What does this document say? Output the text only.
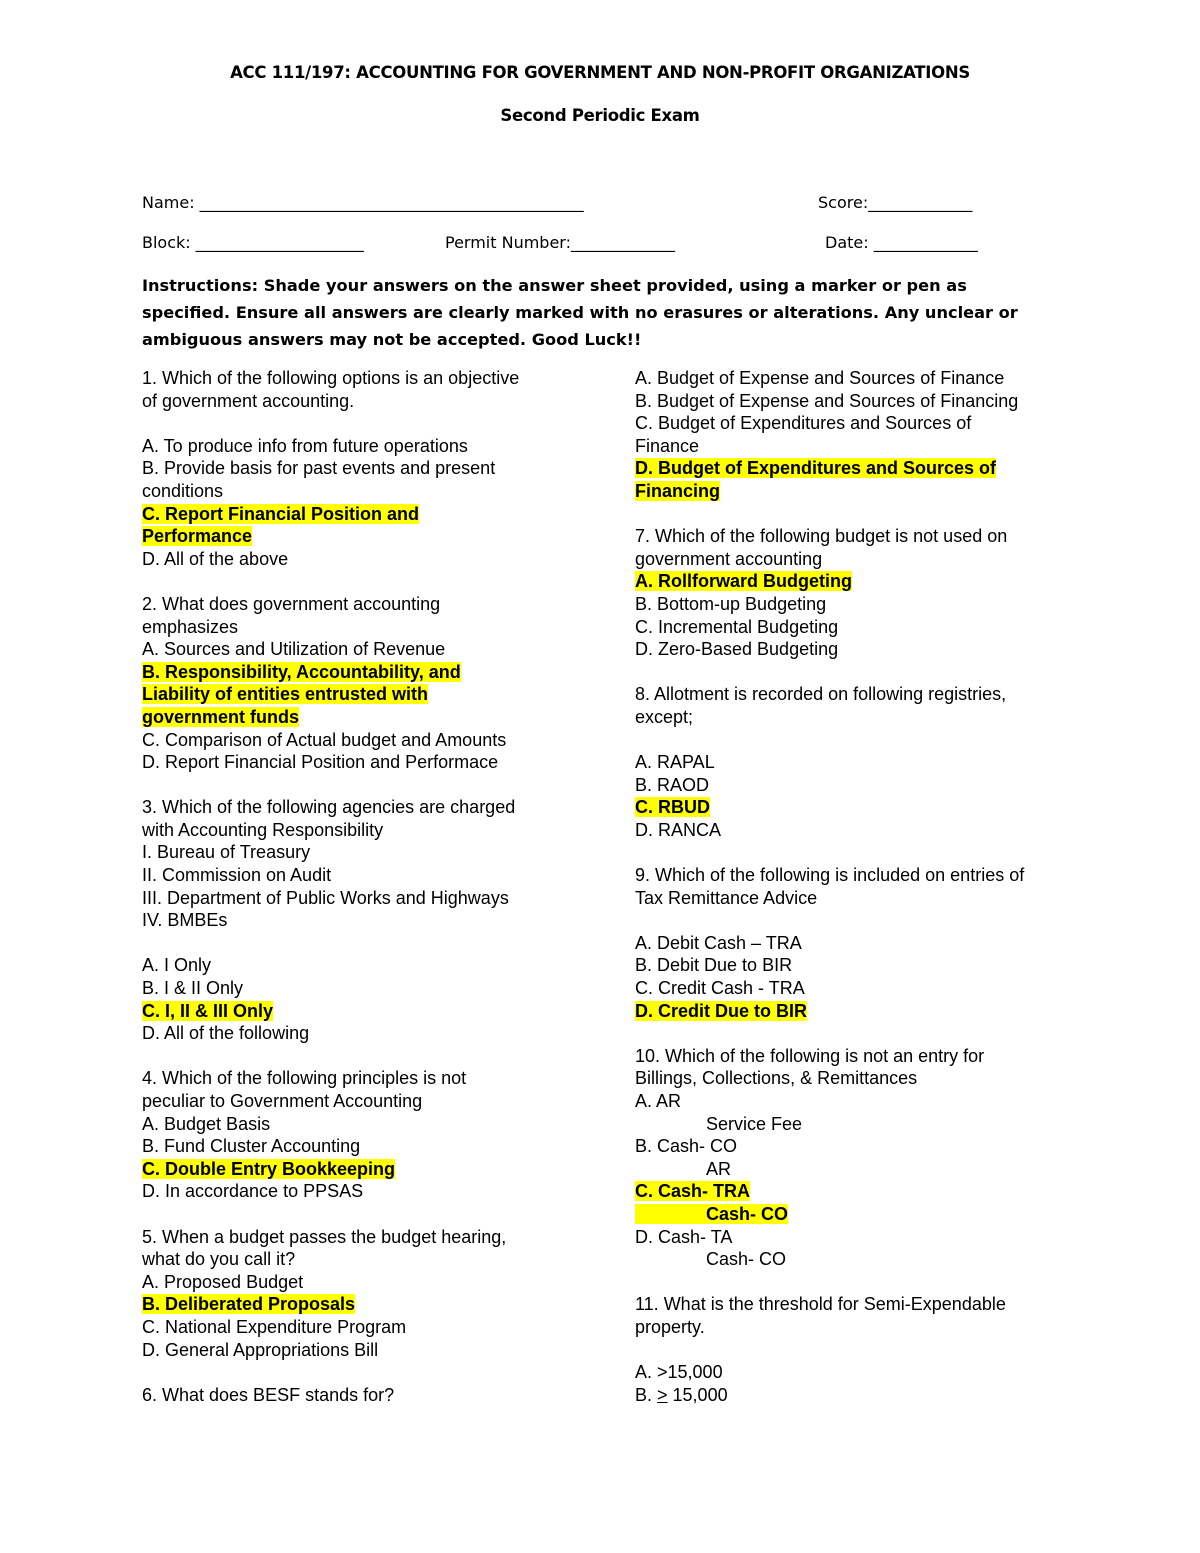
ACC 111/197: ACCOUNTING FOR GOVERNMENT AND NON-PROFIT ORGANIZATIONS
Second Periodic Exam
Name: ________________________________________________	Score:_____________
Block: _____________________	Permit Number:_____________	Date: _____________
Instructions: Shade your answers on the answer sheet provided, using a marker or pen as specified. Ensure all answers are clearly marked with no erasures or alterations. Any unclear or ambiguous answers may not be accepted. Good Luck!!
1. Which of the following options is an objective
of government accounting.
A. To produce info from future operations
B. Provide basis for past events and present
conditions
C. Report Financial Position and
Performance
D. All of the above
2. What does government accounting
emphasizes
A. Sources and Utilization of Revenue
B. Responsibility, Accountability, and
Liability of entities entrusted with
government funds
C. Comparison of Actual budget and Amounts
D. Report Financial Position and Performace
3. Which of the following agencies are charged
with Accounting Responsibility
I. Bureau of Treasury
II. Commission on Audit
III. Department of Public Works and Highways
IV. BMBEs
A. I Only
B. I & II Only
C. I, II & III Only
D. All of the following
4. Which of the following principles is not
peculiar to Government Accounting
A. Budget Basis
B. Fund Cluster Accounting
C. Double Entry Bookkeeping
D. In accordance to PPSAS
5. When a budget passes the budget hearing,
what do you call it?
A. Proposed Budget
B. Deliberated Proposals
C. National Expenditure Program
D. General Appropriations Bill
6. What does BESF stands for?
A. Budget of Expense and Sources of Finance
B. Budget of Expense and Sources of Financing
C. Budget of Expenditures and Sources of
Finance
D. Budget of Expenditures and Sources of
Financing
7. Which of the following budget is not used on
government accounting
A. Rollforward Budgeting
B. Bottom-up Budgeting
C. Incremental Budgeting
D. Zero-Based Budgeting
8. Allotment is recorded on following registries,
except;
A. RAPAL
B. RAOD
C. RBUD
D. RANCA
9. Which of the following is included on entries of
Tax Remittance Advice
A. Debit Cash – TRA
B. Debit Due to BIR
C. Credit Cash - TRA
D. Credit Due to BIR
10. Which of the following is not an entry for
Billings, Collections, & Remittances
A. AR
Service Fee
B. Cash- CO
AR
C. Cash- TRA
Cash- CO
D. Cash- TA
Cash- CO
11. What is the threshold for Semi-Expendable
property.
A. >15,000
B. > 15,000
